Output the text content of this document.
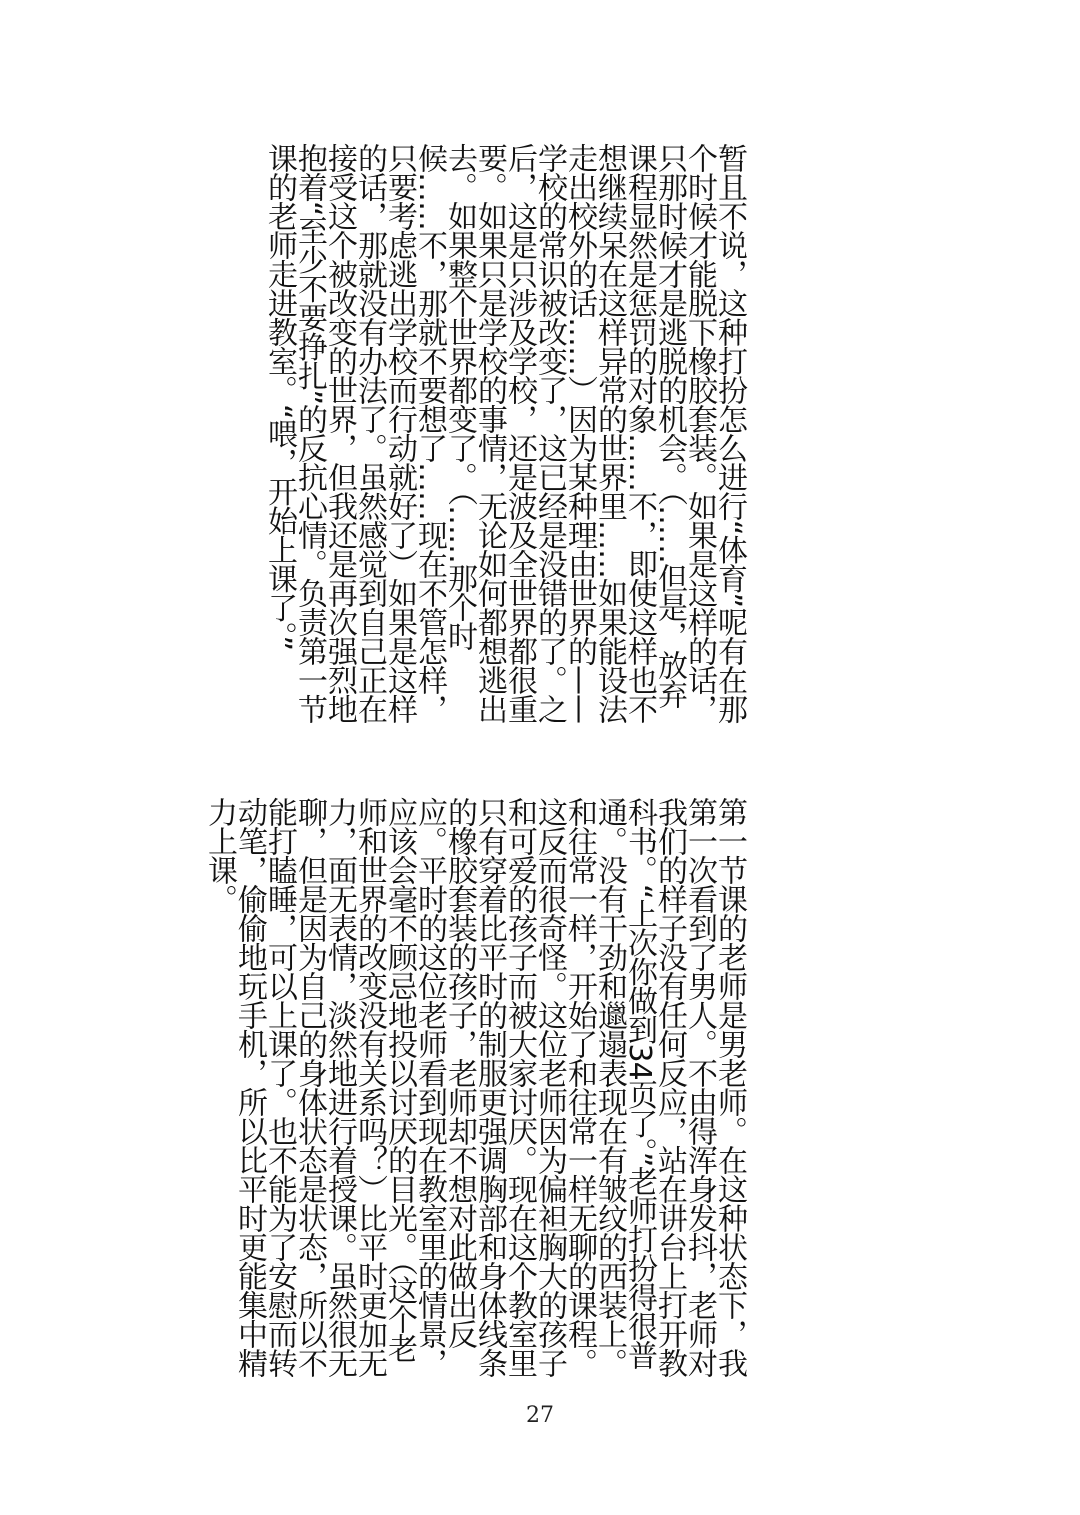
暂且不说，这种打扮怎么进行“体育”呢有在那个时候才能脱下橡胶套装。如果是这样的话，只那时候才是逃脱的机会。（……但是，放弃课程显然是惩罚的对象……不，即使这样也不想继续呆在这样异常的世界里……如果能设法走出校外的话……）因为某种理由世界的——学校的常识被改变了，这已经是没错的了。之后，这是只涉及学校，还是波及全世界都很重要。如果只是学校的事情，无论如何都想逃出去。如果整个世界都变了。（……那个时候……不，那就不要想了……现在不管怎样，只要考虑逃出学校而行动就好了）如果是这样的话，那就没有办法了。虽然感觉到自己正在接受这个被改变的世界，但我还是再次强烈地抱着“至少不要挣扎”的反抗心情。负责第一节课的老师走进教室。“喂，开始上课了。”
第一节课的老师是男老师。在这种状态下，我第一次看到了男人。不由得浑身发抖，老师对我们的样子没有任何反应，站在讲台上打开教科书。“上次你做到34页了。”老师打扮得很普通。没有干劲和邋遢表现在有皱纹的西装上。和往常一样，开始了和往常一样无聊的课程。这反而很奇怪。这位老师因为偏袒胸大的孩子和可爱的孩子而被大家讨厌。现在这个教室里只有穿着比平时的制服更强调胸部和身体线条的橡胶套装的孩子，老师却不想对此做出反应。平时的这位老师看到现在教室里的情景，应该会毫不顾忌地投以讨厌的目光。（这个老师和世界的改变没有关系吗？）比平时更加无力，面无表情，淡然地进行着授课。虽然很无聊，但是因为自己的身体状态是状态，所以不能打瞌睡，可以上课了。也不能为了安慰而转动笔，偷偷地玩手机，所以比平时更能集中精力上课。
27
